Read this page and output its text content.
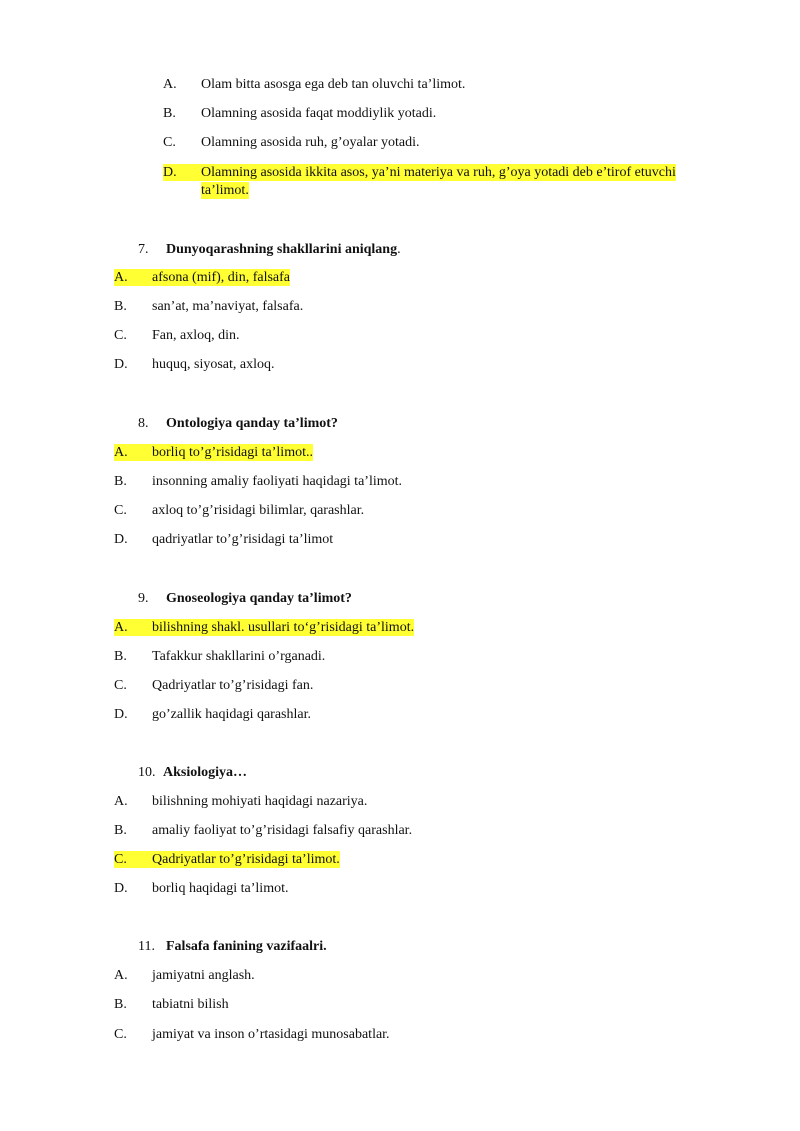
A. Olam bitta asosga ega deb tan oluvchi ta’limot.
B. Olamning asosida faqat moddiylik yotadi.
C. Olamning asosida ruh, g’oyalar yotadi.
D.	Olamning asosida ikkita asos, ya’ni materiya va ruh, g’oya yotadi deb e’tirof etuvchi
ta’limot.
7. Dunyoqarashning shakllarini aniqlang.
A.	afsona (mif), din, falsafa
B. san’at, ma’naviyat, falsafa.
C. Fan, axloq, din.
D. huquq, siyosat, axloq.
8. Ontologiya qanday ta’limot?
A.	borliq to’g’risidagi ta’limot..
B. insonning amaliy faoliyati haqidagi ta’limot.
C. axloq to’g’risidagi bilimlar, qarashlar.
D. qadriyatlar to’g’risidagi ta’limot
9. Gnoseologiya qanday ta’limot?
A.	bilishning shakl. usullari to‘g’risidagi ta’limot.
B. Tafakkur shakllarini o’rganadi.
C. Qadriyatlar to’g’risidagi fan.
D. go’zallik haqidagi qarashlar.
10. Aksiologiya…
A. bilishning mohiyati haqidagi nazariya.
B. amaliy faoliyat to’g’risidagi falsafiy qarashlar.
C.	Qadriyatlar to’g’risidagi ta’limot.
D. borliq haqidagi ta’limot.
11. Falsafa fanining vazifaalri.
A. jamiyatni anglash.
B. tabiatni bilish
C. jamiyat va inson o’rtasidagi munosabatlar.
